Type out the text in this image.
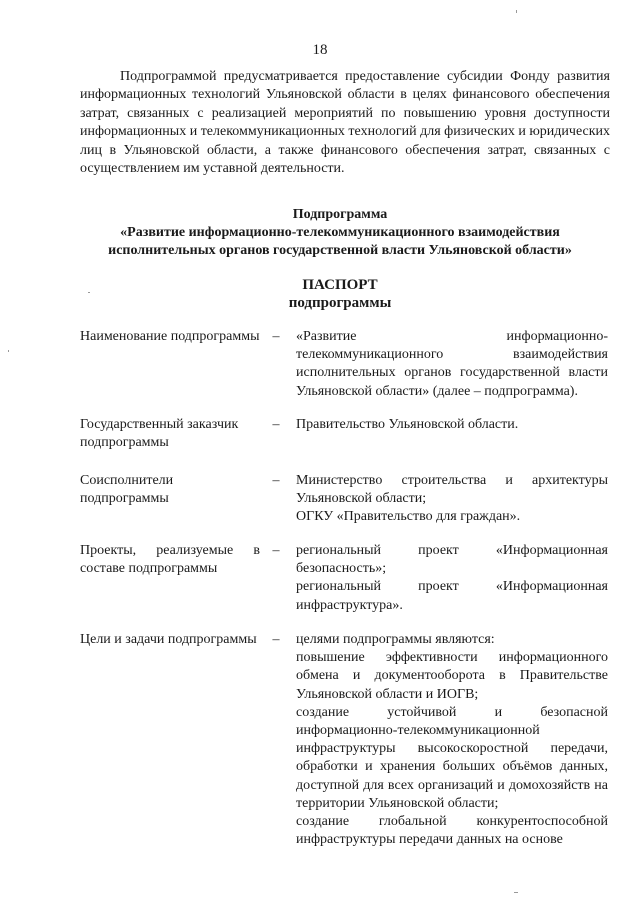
18

Подпрограммой предусматривается предоставление субсидии Фонду развития информационных технологий Ульяновской области в целях финансового обеспечения затрат, связанных с реализацией мероприятий по повышению уровня доступности информационных и телекоммуникационных технологий для физических и юридических лиц в Ульяновской области, а также финансового обеспечения затрат, связанных с осуществлением им уставной деятельности.

Подпрограмма
«Развитие информационно-телекоммуникационного взаимодействия
исполнительных органов государственной власти Ульяновской области»
ПАСПОРТ
подпрограммы
Наименование подпрограммы – «Развитие информационно-телекоммуникационного взаимодействия исполнительных органов государственной власти Ульяновской области» (далее – подпрограмма).

Государственный заказчик подпрограммы
– Правительство Ульяновской области.

Соисполнители подпрограммы
– Министерство строительства и архитектуры Ульяновской области;

ОГКУ «Правительство для граждан».

Проекты, реализуемые в составе подпрограммы
– региональный проект «Информационная безопасность»;

региональный проект «Информационная инфраструктура».

Цели и задачи подпрограммы – целями подпрограммы являются:

повышение эффективности информационного обмена и документооборота в Правительстве Ульяновской области и ИОГВ;

создание устойчивой и безопасной информационно-телекоммуникационной инфраструктуры высокоскоростной передачи, обработки и хранения больших объёмов данных, доступной для всех организаций и домохозяйств на территории Ульяновской области;

создание глобальной конкурентоспособной инфраструктуры передачи данных на основе
